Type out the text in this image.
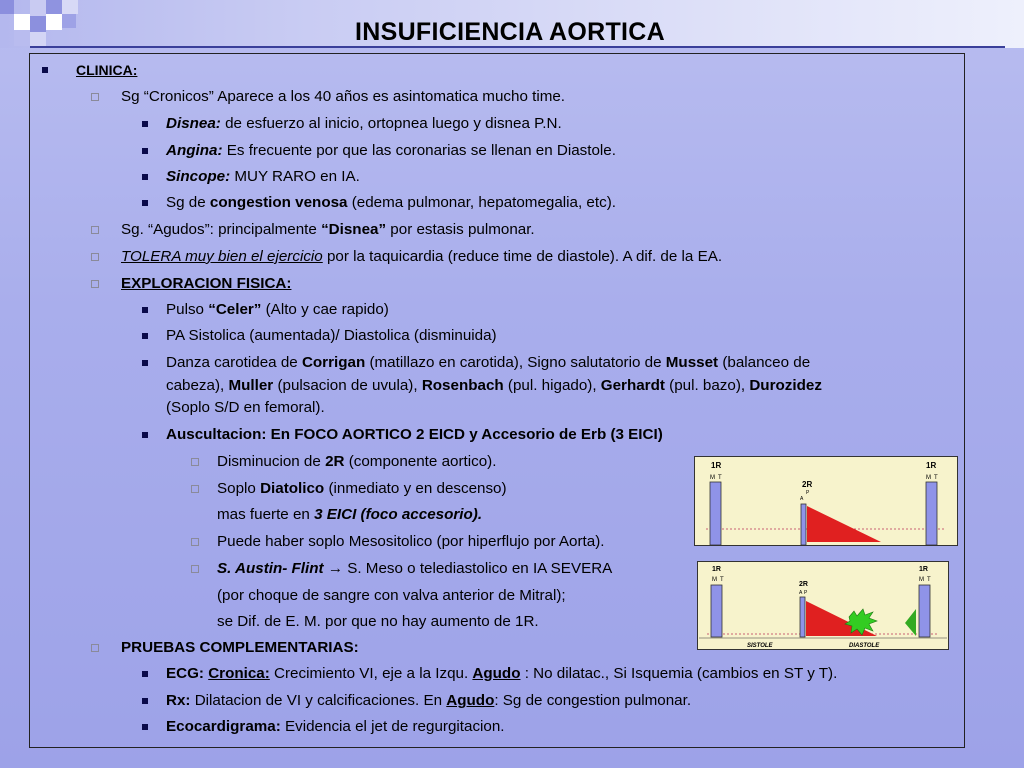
INSUFICIENCIA AORTICA
CLINICA:
Sg “Cronicos” Aparece a los 40 años es asintomatica mucho time.
Disnea: de esfuerzo al inicio, ortopnea luego y disnea P.N.
Angina: Es frecuente por que las coronarias se llenan en Diastole.
Sincope: MUY RARO en IA.
Sg de congestion venosa (edema pulmonar, hepatomegalia, etc).
Sg. “Agudos”: principalmente “Disnea” por estasis pulmonar.
TOLERA muy bien el ejercicio por la taquicardia (reduce time de diastole). A dif. de la EA.
EXPLORACION FISICA:
Pulso “Celer” (Alto y cae rapido)
PA Sistolica (aumentada)/ Diastolica (disminuida)
Danza carotidea de Corrigan (matillazo en carotida), Signo salutatorio de Musset (balanceo de
cabeza), Muller (pulsacion de uvula), Rosenbach (pul. higado), Gerhardt (pul. bazo), Durozidez
(Soplo S/D en femoral).
Auscultacion: En FOCO AORTICO 2 EICD y Accesorio de Erb (3 EICI)
Disminucion de 2R (componente aortico).
Soplo Diatolico (inmediato y en descenso)
mas fuerte en 3 EICI (foco accesorio).
Puede haber soplo Mesositolico (por hiperflujo por Aorta).
S. Austin- Flint → S. Meso o telediastolico en IA SEVERA
(por choque de sangre con valva anterior de Mitral);
se Dif. de E. M. por que no hay aumento de 1R.
PRUEBAS COMPLEMENTARIAS:
ECG: Cronica: Crecimiento VI, eje a la Izqu. Agudo : No dilatac., Si Isquemia (cambios en ST y T).
Rx: Dilatacion de VI y calcificaciones. En Agudo: Sg de congestion pulmonar.
Ecocardigrama: Evidencia el jet de regurgitacion.
1R
M T
2R
A
P
1R
M T
1R
M T
2R
A P
1R
M T
SISTOLE	DIASTOLE
